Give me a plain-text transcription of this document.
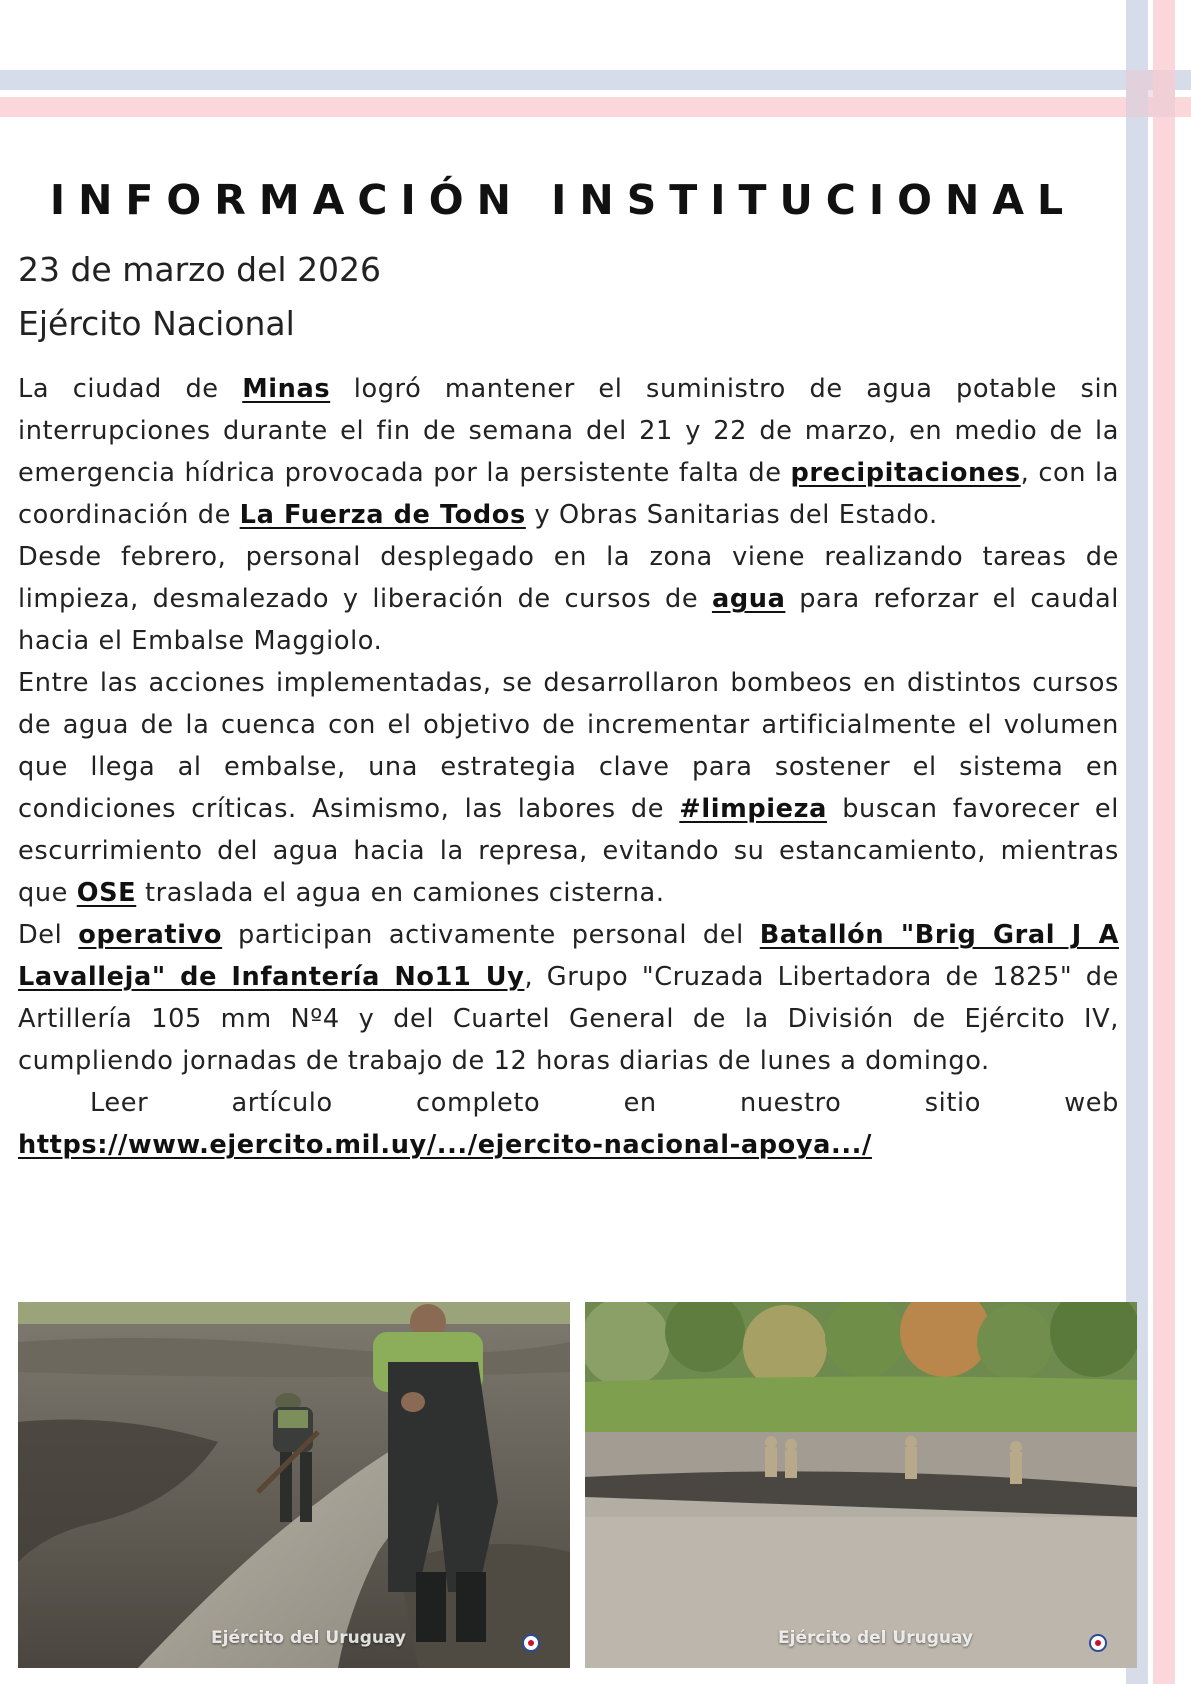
INFORMACIÓN INSTITUCIONAL
23 de marzo del 2026
Ejército Nacional

La ciudad de Minas logró mantener el suministro de agua potable sin interrupciones durante el fin de semana del 21 y 22 de marzo, en medio de la emergencia hídrica provocada por la persistente falta de precipitaciones, con la coordinación de La Fuerza de Todos y Obras Sanitarias del Estado.

Desde febrero, personal desplegado en la zona viene realizando tareas de limpieza, desmalezado y liberación de cursos de agua para reforzar el caudal hacia el Embalse Maggiolo.

Entre las acciones implementadas, se desarrollaron bombeos en distintos cursos de agua de la cuenca con el objetivo de incrementar artificialmente el volumen que llega al embalse, una estrategia clave para sostener el sistema en condiciones críticas. Asimismo, las labores de #limpieza buscan favorecer el escurrimiento del agua hacia la represa, evitando su estancamiento, mientras que OSE traslada el agua en camiones cisterna.

Del operativo participan activamente personal del Batallón "Brig Gral J A Lavalleja" de Infantería No11 Uy, Grupo "Cruzada Libertadora de 1825" de Artillería 105 mm Nº4 y del Cuartel General de la División de Ejército IV, cumpliendo jornadas de trabajo de 12 horas diarias de lunes a domingo.

Leer artículo completo en nuestro sitio web

https://www.ejercito.mil.uy/.../ejercito-nacional-apoya.../

Ejército del Uruguay	Ejército del Uruguay
